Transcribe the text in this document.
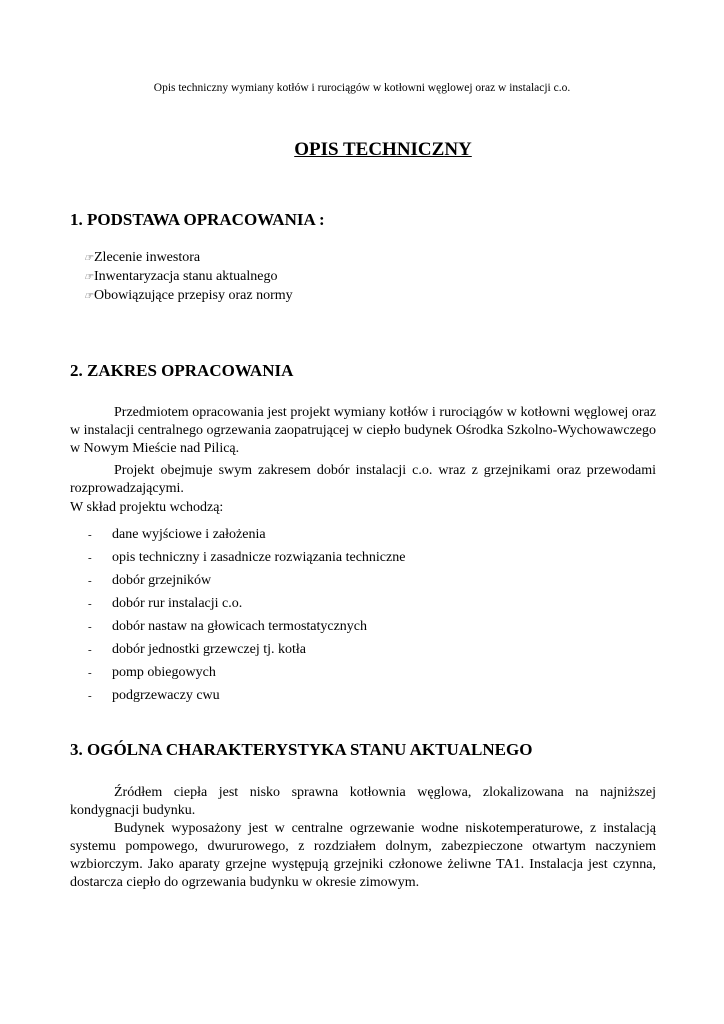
Opis techniczny wymiany kotłów i rurociągów w kotłowni węglowej oraz w instalacji c.o.
OPIS TECHNICZNY
1. PODSTAWA OPRACOWANIA :
☞ Zlecenie inwestora
☞ Inwentaryzacja stanu aktualnego
☞ Obowiązujące przepisy oraz normy
2. ZAKRES OPRACOWANIA
Przedmiotem opracowania jest projekt wymiany kotłów i rurociągów w kotłowni węglowej oraz w instalacji centralnego ogrzewania zaopatrującej w ciepło budynek Ośrodka Szkolno-Wychowawczego w Nowym Mieście nad Pilicą.
Projekt obejmuje swym zakresem dobór instalacji c.o. wraz z grzejnikami oraz przewodami rozprowadzającymi.
W skład projektu wchodzą:
-	dane wyjściowe i założenia
-	opis techniczny i zasadnicze rozwiązania techniczne
-	dobór grzejników
-	dobór rur instalacji c.o.
-	dobór nastaw na głowicach termostatycznych
-	dobór jednostki grzewczej tj. kotła
-	pomp obiegowych
-	podgrzewaczy cwu
3. OGÓLNA CHARAKTERYSTYKA STANU AKTUALNEGO
Źródłem ciepła jest nisko sprawna kotłownia węglowa, zlokalizowana na najniższej kondygnacji budynku.
Budynek wyposażony jest w centralne ogrzewanie wodne niskotemperaturowe, z instalacją systemu pompowego, dwururowego, z rozdziałem dolnym, zabezpieczone otwartym naczyniem wzbiorczym. Jako aparaty grzejne występują grzejniki członowe żeliwne TA1. Instalacja jest czynna, dostarcza ciepło do ogrzewania budynku w okresie zimowym.
